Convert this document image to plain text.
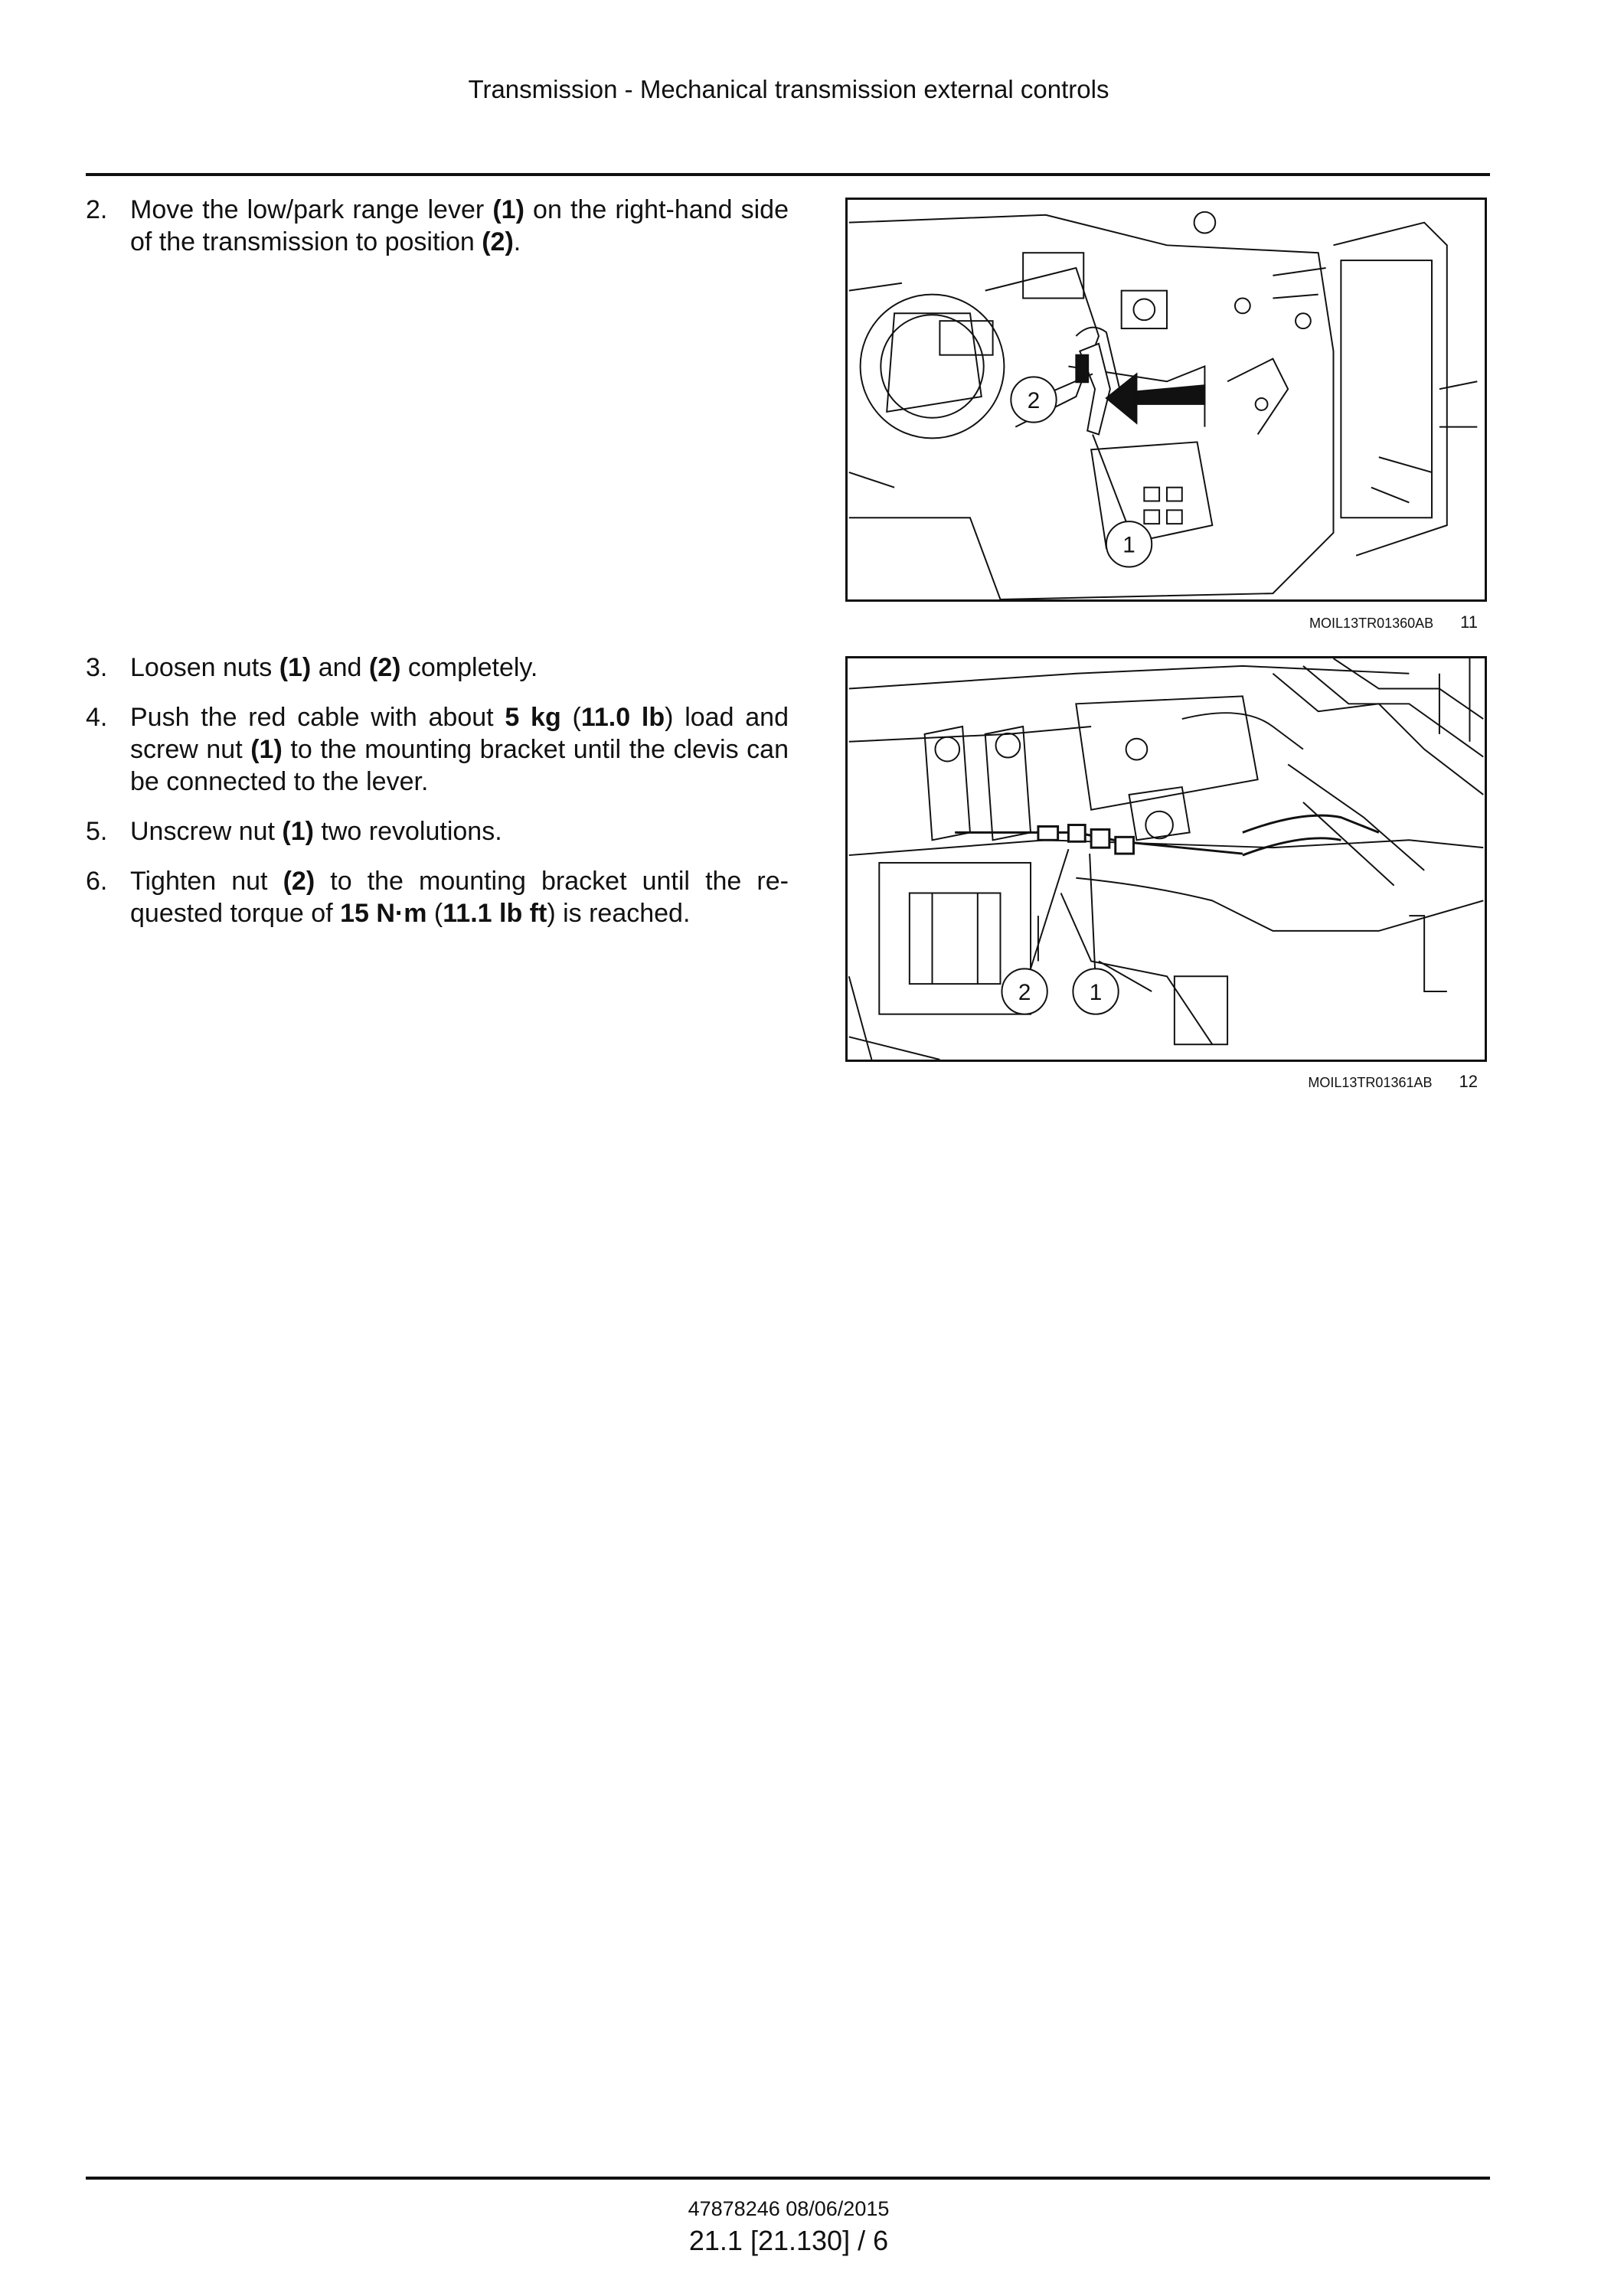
Transmission - Mechanical transmission external controls
2. Move the low/park range lever (1) on the right-hand side of the transmission to position (2).
3. Loosen nuts (1) and (2) completely.
4. Push the red cable with about 5 kg (11.0 lb) load and screw nut (1) to the mounting bracket until the clevis can be connected to the lever.
5. Unscrew nut (1) two revolutions.
6. Tighten nut (2) to the mounting bracket until the re-quested torque of 15 N·m (11.1 lb ft) is reached.
2
1
MOIL13TR01360AB 11
2	1
MOIL13TR01361AB 12
47878246 08/06/2015
21.1 [21.130] / 6
